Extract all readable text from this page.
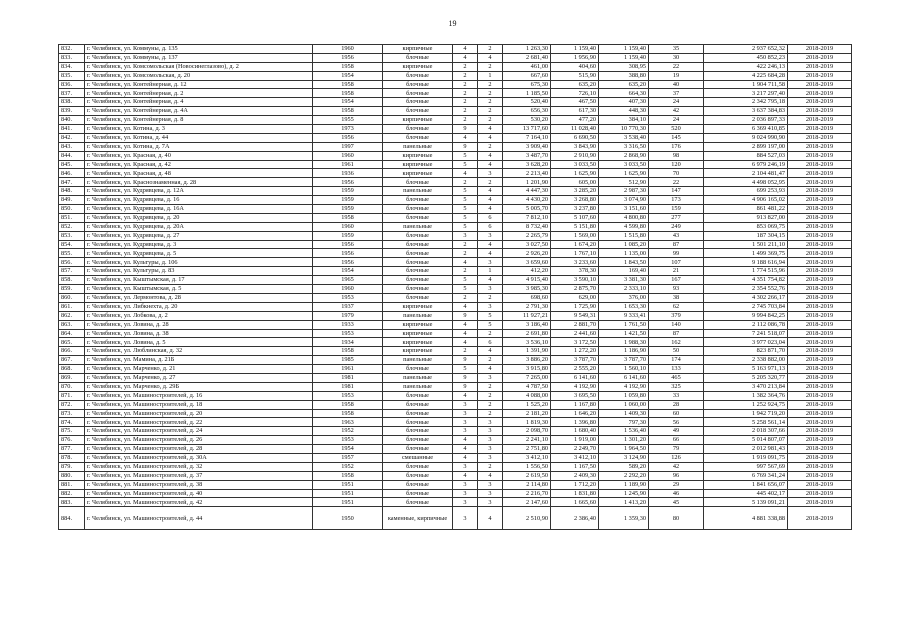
19
832.	г. Челябинск, ул. Коммуны, д. 135	1960	кирпичные	4	2	1 263,30	1 159,40	1 159,40	35	2 937 652,32	2018-2019
833.	г. Челябинск, ул. Коммуны, д. 137	1956	блочные	4	4	2 681,40	1 956,90	1 159,40	30	450 852,23	2018-2019
834.	г. Челябинск, ул. Комсомольская (Новосинеглазово), д. 2	1958	кирпичные	2	2	461,00	404,60	308,95	22	422 246,13	2018-2019
835.	г. Челябинск, ул. Комсомольская, д. 20	1954	блочные	2	1	667,60	515,90	388,80	19	4 225 684,28	2018-2019
836.	г. Челябинск, ул. Контейнерная, д. 12	1958	блочные	2	2	675,30	635,20	635,20	40	1 904 711,58	2018-2019
837.	г. Челябинск, ул. Контейнерная, д. 2	1958	блочные	2	2	1 185,50	726,10	664,30	37	3 217 297,40	2018-2019
838.	г. Челябинск, ул. Контейнерная, д. 4	1954	блочные	2	2	520,40	467,50	407,30	24	2 342 795,18	2018-2019
839.	г. Челябинск, ул. Контейнерная, д. 4А	1958	блочные	2	2	656,30	617,30	448,30	42	3 637 384,83	2018-2019
840.	г. Челябинск, ул. Контейнерная, д. 8	1955	кирпичные	2	2	530,20	477,20	384,10	24	2 036 897,33	2018-2019
841.	г. Челябинск, ул. Котина, д. 3	1973	блочные	9	4	13 717,60	11 028,40	10 770,30	520	6 369 410,85	2018-2019
842.	г. Челябинск, ул. Котина, д. 44	1956	блочные	4	4	7 164,10	6 690,50	3 538,40	145	9 024 990,90	2018-2019
843.	г. Челябинск, ул. Котина, д. 7А	1997	панельные	9	2	3 909,40	3 843,90	3 316,50	176	2 899 197,00	2018-2019
844.	г. Челябинск, ул. Красная, д. 40	1960	кирпичные	5	4	3 487,70	2 910,90	2 868,90	98	884 527,03	2018-2019
845.	г. Челябинск, ул. Красная, д. 42	1961	кирпичные	5	4	3 628,20	3 033,50	3 033,50	120	6 979 246,19	2018-2019
846.	г. Челябинск, ул. Красная, д. 48	1936	кирпичные	4	3	2 213,40	1 625,90	1 625,90	70	2 104 481,47	2018-2019
847.	г. Челябинск, ул. Краснознаменная, д. 28	1956	блочные	2	2	1 201,90	605,00	512,90	22	4 498 052,95	2018-2019
848.	г. Челябинск, ул. Кудрявцева, д. 12А	1959	панельные	5	4	4 447,30	3 285,20	2 987,30	147	699 253,93	2018-2019
849.	г. Челябинск, ул. Кудрявцева, д. 16	1959	блочные	5	4	4 430,20	3 268,80	3 074,90	173	4 906 165,02	2018-2019
850.	г. Челябинск, ул. Кудрявцева, д. 16А	1959	блочные	5	4	5 005,70	3 237,80	3 151,60	159	861 481,22	2018-2019
851.	г. Челябинск, ул. Кудрявцева, д. 20	1958	блочные	5	6	7 812,10	5 107,60	4 800,80	277	913 827,00	2018-2019
852.	г. Челябинск, ул. Кудрявцева, д. 20А	1960	панельные	5	6	8 732,40	5 151,80	4 599,80	249	853 069,75	2018-2019
853.	г. Челябинск, ул. Кудрявцева, д. 27	1959	блочные	3	3	2 265,79	1 569,00	1 515,80	43	187 304,15	2018-2019
854.	г. Челябинск, ул. Кудрявцева, д. 3	1956	блочные	2	4	3 027,50	1 674,20	1 085,20	87	1 501 211,10	2018-2019
855.	г. Челябинск, ул. Кудрявцева, д. 5	1956	блочные	2	4	2 926,20	1 767,10	1 135,00	99	1 499 369,75	2018-2019
856.	г. Челябинск, ул. Культуры, д. 106	1956	блочные	4	3	3 659,60	3 233,60	1 843,50	107	9 188 616,94	2018-2019
857.	г. Челябинск, ул. Культуры, д. 83	1954	блочные	2	1	412,20	378,30	169,40	21	1 774 515,96	2018-2019
858.	г. Челябинск, ул. Кыштымская, д. 17	1965	блочные	5	4	4 915,40	3 590,10	3 381,30	167	4 351 754,82	2018-2019
859.	г. Челябинск, ул. Кыштымская, д. 5	1960	блочные	5	3	3 985,30	2 875,70	2 333,10	93	2 354 552,76	2018-2019
860.	г. Челябинск, ул. Лермонтова, д. 28	1953	блочные	2	2	698,60	629,00	376,00	38	4 302 266,17	2018-2019
861.	г. Челябинск, ул. Либкнехта, д. 20	1937	кирпичные	4	3	2 791,30	1 725,90	1 653,30	62	2 745 703,84	2018-2019
862.	г. Челябинск, ул. Лобкова, д. 2	1979	панельные	9	5	11 927,21	9 549,31	9 333,41	379	9 994 842,25	2018-2019
863.	г. Челябинск, ул. Ловина, д. 28	1933	кирпичные	4	5	3 186,40	2 881,70	1 761,50	140	2 112 086,78	2018-2019
864.	г. Челябинск, ул. Ловина, д. 38	1953	кирпичные	4	2	2 691,80	2 441,60	1 421,50	87	7 241 518,07	2018-2019
865.	г. Челябинск, ул. Ловина, д. 5	1934	кирпичные	4	6	3 536,10	3 172,50	1 988,30	162	3 977 023,04	2018-2019
866.	г. Челябинск, ул. Люблинская, д. 32	1958	кирпичные	2	4	1 391,90	1 272,20	1 186,90	50	823 871,70	2018-2019
867.	г. Челябинск, ул. Мамина, д. 21Б	1985	панельные	9	2	3 886,20	3 787,70	3 787,70	174	2 338 882,00	2018-2019
868.	г. Челябинск, ул. Марченко, д. 21	1961	блочные	5	4	3 915,80	2 555,20	1 560,10	133	5 163 971,13	2018-2019
869.	г. Челябинск, ул. Марченко, д. 27	1981	панельные	9	3	7 265,00	6 141,60	6 141,60	465	5 205 320,77	2018-2019
870.	г. Челябинск, ул. Марченко, д. 29Б	1981	панельные	9	2	4 787,50	4 192,90	4 192,90	325	3 470 213,84	2018-2019
871.	г. Челябинск, ул. Машиностроителей, д. 16	1953	блочные	4	2	4 088,00	3 695,50	1 059,80	33	1 382 364,76	2018-2019
872.	г. Челябинск, ул. Машиностроителей, д. 18	1958	блочные	3	2	1 525,20	1 167,80	1 060,00	28	1 252 924,75	2018-2019
873.	г. Челябинск, ул. Машиностроителей, д. 20	1958	блочные	3	2	2 181,20	1 646,20	1 409,30	60	1 942 719,20	2018-2019
874.	г. Челябинск, ул. Машиностроителей, д. 22	1963	блочные	3	3	1 819,30	1 396,80	797,30	56	5 258 561,14	2018-2019
875.	г. Челябинск, ул. Машиностроителей, д. 24	1952	блочные	3	3	2 098,70	1 680,40	1 536,40	49	2 018 307,66	2018-2019
876.	г. Челябинск, ул. Машиностроителей, д. 26	1953	блочные	4	3	2 241,10	1 919,00	1 301,20	66	5 014 807,07	2018-2019
877.	г. Челябинск, ул. Машиностроителей, д. 28	1954	блочные	4	3	2 751,80	2 249,70	1 964,50	79	2 012 981,43	2018-2019
878.	г. Челябинск, ул. Машиностроителей, д. 30А	1957	смешанные	4	3	3 412,10	3 412,10	3 124,90	126	1 919 091,75	2018-2019
879.	г. Челябинск, ул. Машиностроителей, д. 32	1952	блочные	3	2	1 556,50	1 167,50	589,20	42	997 567,69	2018-2019
880.	г. Челябинск, ул. Машиностроителей, д. 37	1958	блочные	4	4	2 619,50	2 409,30	2 292,20	96	6 769 341,24	2018-2019
881.	г. Челябинск, ул. Машиностроителей, д. 38	1951	блочные	3	3	2 114,80	1 712,20	1 189,90	29	1 841 656,07	2018-2019
882.	г. Челябинск, ул. Машиностроителей, д. 40	1951	блочные	3	3	2 216,70	1 831,80	1 245,90	46	445 402,17	2018-2019
883.	г. Челябинск, ул. Машиностроителей, д. 42	1951	блочные	3	3	2 147,60	1 665,60	1 413,20	45	5 139 091,21	2018-2019
884.	г. Челябинск, ул. Машиностроителей, д. 44	1950	каменные, кирпичные	3	4	2 510,90	2 386,40	1 359,30	80	4 881 338,88	2018-2019
